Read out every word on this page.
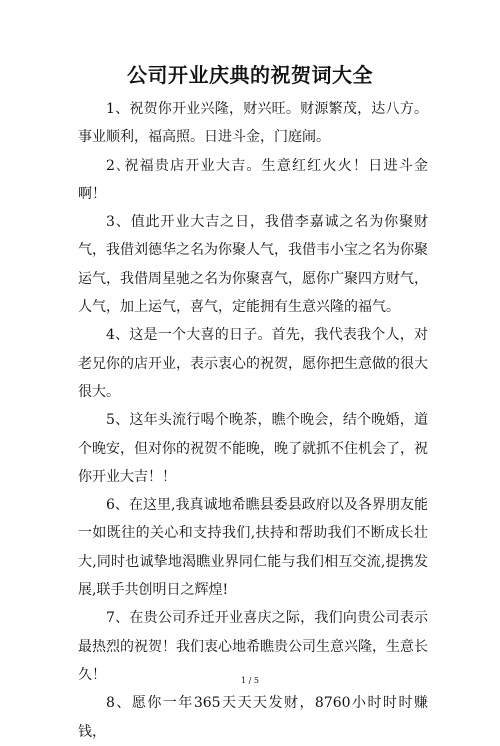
公司开业庆典的祝贺词大全

1、祝贺你开业兴隆，财兴旺。财源繁茂，达八方。事业顺利，福高照。日进斗金，门庭闹。

2､祝福贵店开业大吉。生意红红火火！日进斗金啊！

3、值此开业大吉之日，我借李嘉诚之名为你聚财气，我借刘德华之名为你聚人气，我借韦小宝之名为你聚运气，我借周星驰之名为你聚喜气，愿你广聚四方财气，人气，加上运气，喜气，定能拥有生意兴隆的福气。

4、这是一个大喜的日子。首先，我代表我个人，对老兄你的店开业，表示衷心的祝贺，愿你把生意做的很大很大。

5、这年头流行喝个晚茶，瞧个晚会，结个晚婚，道个晚安，但对你的祝贺不能晚，晚了就抓不住机会了，祝你开业大吉！！

6、在这里,我真诚地希瞧县委县政府以及各界朋友能一如既往的关心和支持我们,扶持和帮助我们不断成长壮大,同时也诚挚地渴瞧业界同仁能与我们相互交流,提携发展,联手共创明日之辉煌!

7、在贵公司乔迁开业喜庆之际，我们向贵公司表示最热烈的祝贺！我们衷心地希瞧贵公司生意兴隆，生意长久！

8、愿你一年365天天天发财，8760小时时时赚钱，

1 / 5
